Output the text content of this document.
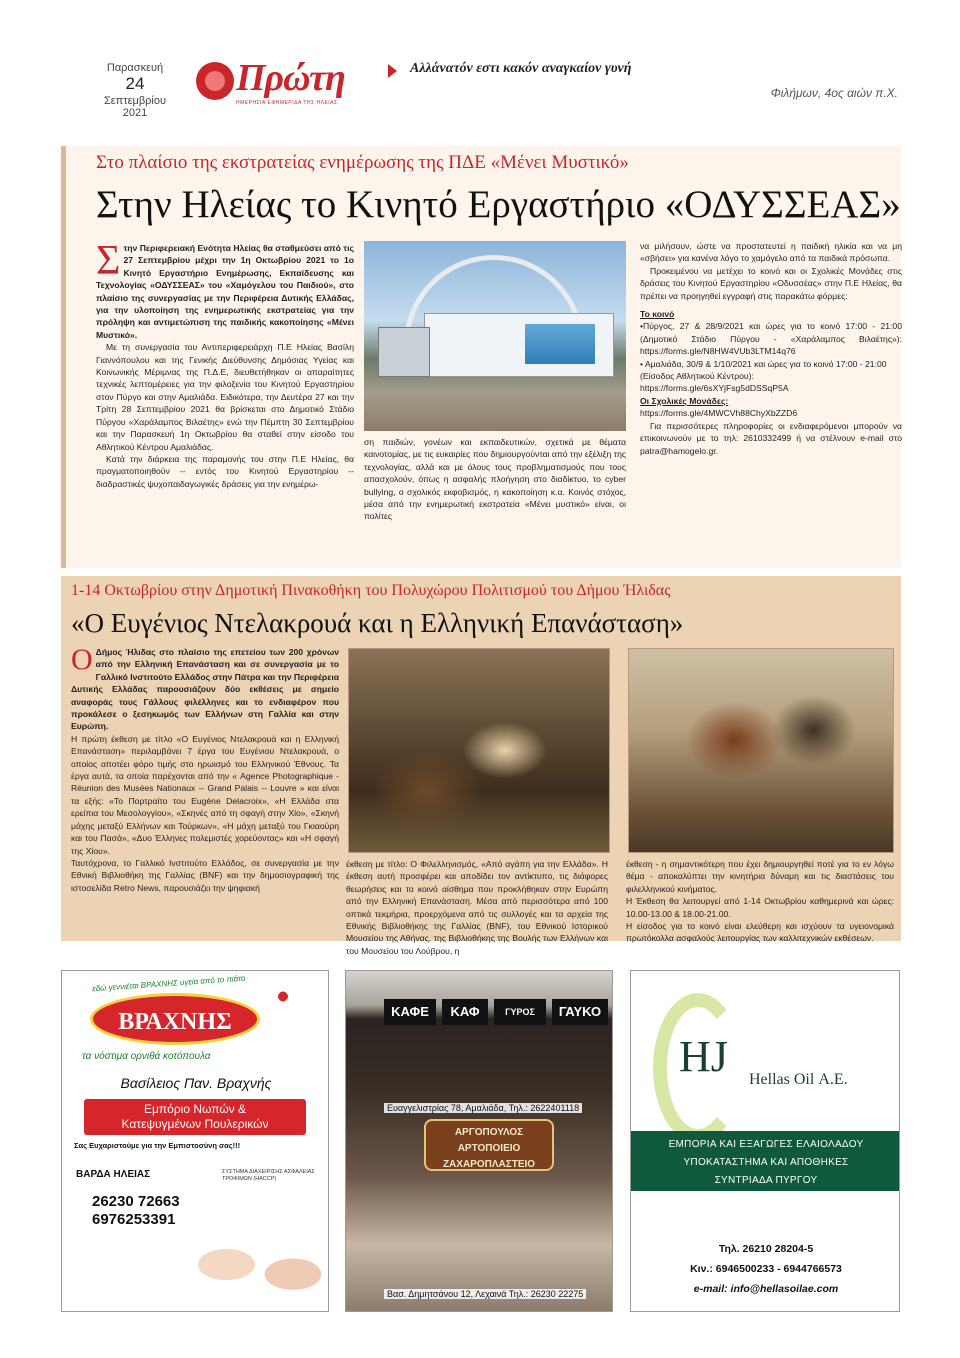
Παρασκευή
24
Σεπτεμβρίου
2021
Πρώτη
ΗΜΕΡΗΣΙΑ ΕΦΗΜΕΡΙΔΑ ΤΗΣ ΗΛΕΙΑΣ
Αλλάνατόν εστι κακόν αναγκαίον γυνή
Φιλήμων, 4ος αιών π.Χ.
Στο πλαίσιο της εκστρατείας ενημέρωσης της ΠΔΕ «Μένει Μυστικό»
Στην Ηλείας το Κινητό Εργαστήριο «ΟΔΥΣΣΕΑΣ»

Στην Περιφερειακή Ενότητα Ηλείας θα σταθμεύσει από τις 27 Σεπτεμβρίου μέχρι την 1η Οκτωβρίου 2021 το 1ο Κινητό Εργαστήριο Ενημέρωσης, Εκπαίδευσης και Τεχνολογίας «ΟΔΥΣΣΕΑΣ» του «Χαμόγελου του Παιδιού», στο πλαίσιο της συνεργασίας με την Περιφέρεια Δυτικής Ελλάδας, για την υλοποίηση της ενημερωτικής εκστρατείας για την πρόληψη και αντιμετώπιση της παιδικής κακοποίησης «Μένει Μυστικό».

Με τη συνεργασία του Αντιπεριφερειάρχη Π.Ε Ηλείας Βασίλη Γιαννόπουλου και της Γενικής Διεύθυνσης Δημόσιας Υγείας και Κοινωνικής Μέριμνας της Π.Δ.Ε, διευθετήθηκαν οι απαραίτητες τεχνικές λεπτομέρειες για την φιλοξενία του Κινητού Εργαστηρίου στον Πύργο και στην Αμαλιάδα. Ειδικότερα, την Δευτέρα 27 και την Τρίτη 28 Σεπτεμβρίου 2021 θα βρίσκεται στο Δημοτικό Στάδιο Πύργου «Χαράλαμπος Βιλαέτης» ενώ την Πέμπτη 30 Σεπτεμβρίου και την Παρασκευή 1η Οκτωβρίου θα σταθεί στην είσοδο του Αθλητικού Κέντρου Αμαλιάδας.

Κατά την διάρκεια της παραμονής του στην Π.Ε Ηλείας, θα πραγματοποιηθούν -- εντός του Κινητού Εργαστηρίου -- διαδραστικές ψυχοπαιδαγωγικές δράσεις για την ενημέρω-

ση παιδιών, γονέων και εκπαιδευτικών, σχετικά με θέματα καινοτομίας, με τις ευκαιρίες που δημιουργούνται από την εξέλιξη της τεχνολογίας, αλλά και με όλους τους προβληματισμούς που τους απασχολούν, όπως η ασφαλής πλοήγηση στο διαδίκτυο, το cyber bullying, ο σχολικός εκφοβισμός, η κακοποίηση κ.α. Κοινός στόχος, μέσα από την ενημερωτική εκστρατεία «Μένει μυστικό» είναι, οι πολίτες

να μιλήσουν, ώστε να προστατευτεί η παιδική ηλικία και να μη «σβήσει» για κανένα λόγο το χαμόγελο από τα παιδικά πρόσωπα.

Προκειμένου να μετέχει το κοινό και οι Σχολικές Μονάδες στις δράσεις του Κινητού Εργαστηρίου «Οδυσσέας» στην Π.Ε Ηλείας, θα πρέπει να προηγηθεί εγγραφή στις παρακάτω φόρμες:

Το κοινό

•Πύργος, 27 & 28/9/2021 και ώρες για το κοινό 17:00 - 21:00 (Δημοτικό Στάδιο Πύργου - «Χαράλαμπος Βιλαέτης»): https://forms.gle/N8HW4VUb3LTM14q76

• Αμαλιάδα, 30/9 & 1/10/2021 και ώρες για το κοινό 17:00 - 21:00

(Είσοδος Αθλητικού Κέντρου):

https://forms.gle/6sXYjFsg5dDSSqP5A

Οι Σχολικές Μονάδες:

https://forms.gle/4MWCVh88ChyXbZZD6

Για περισσότερες πληροφορίες οι ενδιαφερόμενοι μπορούν να επικοινωνούν με το τηλ: 2610332499 ή να στέλνουν e-mail στο patra@hamogelo.gr.

1-14 Οκτωβρίου στην Δημοτική Πινακοθήκη του Πολυχώρου Πολιτισμού του Δήμου Ήλιδας
«Ο Ευγένιος Ντελακρουά και η Ελληνική Επανάσταση»

Ο Δήμος Ήλιδας στο πλαίσιο της επετείου των 200 χρόνων από την Ελληνική Επανάσταση και σε συνεργασία με το Γαλλικό Ινστιτούτο Ελλάδος στην Πάτρα και την Περιφέρεια Δυτικής Ελλάδας παρουσιάζουν δύο εκθέσεις με σημείο αναφοράς τους Γάλλους φιλέλληνες και το ενδιαφέρον που προκάλεσε ο ξεσηκωμός των Ελλήνων στη Γαλλία και στην Ευρώπη.

Η πρώτη έκθεση με τίτλο «Ο Ευγένιος Ντελακρουά και η Ελληνική Επανάσταση» περιλαμβάνει 7 έργα του Ευγένιου Ντελακρουά, ο οποίος αποτέει φόρο τιμής στο ηρωισμό του Ελληνικού Έθνους. Τα έργα αυτά, τα οποία παρέχονται από την « Agence Photographique - Réunion des Musées Nationaux -- Grand Palais -- Louvre » και είναι τα εξής: «Το Πορτραίτο του Eugène Delacroix», «Η Ελλάδα στα ερείπια του Μεσολογγίου», «Σκηνές από τη σφαγή στην Χίο», «Σκηνή μάχης μεταξύ Ελλήνων και Τούρκων», «Η μάχη μεταξύ του Γκιαούρη και του Πασά», «Δυο Έλληνες πολεμιστές χορεύοντας» και «Η σφαγή της Χίου».

Ταυτόχρονα, το Γαλλικό Ινστιτούτο Ελλάδος, σε συνεργασία με την Εθνική Βιβλιοθήκη της Γαλλίας (BNF) και την δημοσιογραφική της ιστοσελίδα Retro News, παρουσιάζει την ψηφιακή

έκθεση με τίτλο: Ο Φιλελληνισμός, «Από αγάπη για την Ελλάδα». Η έκθεση αυτή προσφέρει και αποδίδει τον αντίκτυπο, τις διάφορες θεωρήσεις και το κοινό αίσθημα που προκλήθηκαν στην Ευρώπη από την Ελληνική Επανάσταση. Μέσα από περισσότερα από 100 οπτικά τεκμήρια, προερχόμενα από τις συλλογές και τα αρχεία της Εθνικής Βιβλιοθήκης της Γαλλίας (BNF), του Εθνικού Ιστορικού Μουσείου της Αθήνας, της Βιβλιοθήκης της Βουλής των Ελλήνων και του Μουσείου του Λούβρου, η

έκθεση - η σημαντικότερη που έχει δημιουργηθεί ποτέ για το εν λόγω θέμα - αποκαλύπτει την κινητήρια δύναμη και τις διαστάσεις του φιλελληνικού κινήματος.

Η Έκθεση θα λειτουργεί από 1-14 Οκτωβρίου καθημερινά και ώρες: 10.00-13.00 & 18.00-21.00.

Η είσοδος για το κοινό είναι ελεύθερη και ισχύουν τα υγειονομικά πρωτόκολλα ασφαλούς λειτουργίας των καλλιτεχνικών εκθέσεων.

εδώ γεννιέται ΒΡΑΧΝΗΣ υγεία από το πιάτο
ΒΡΑΧΝΗΣ
τα νόστιμα ορνιθά κοτόπουλα
Βασίλειος Παν. Βραχνής
Εμπόριο Νωπών &
Κατεψυγμένων Πουλερικών
Σας Ευχαριστούμε για την Εμπιστοσύνη σας!!!
ΒΑΡΔΑ ΗΛΕΙΑΣ	ΣΥΣΤΗΜΑ ΔΙΑΧΕΙΡΙΣΗΣ ΑΣΦΑΛΕΙΑΣ ΤΡΟΦΙΜΩΝ (HACCP)
26230 72663
6976253391
ΚΑΦΕ	ΚΑΦ	ΓΥΡΟΣ	ΓΑΥΚΟ
Ευαγγελιστρίας 78, Αμαλιάδα, Τηλ.: 2622401118
ΑΡΓΟΠΟΥΛΟΣ
ΑΡΤΟΠΟΙΕΙΟ
ΖΑΧΑΡΟΠΛΑΣΤΕΙΟ
Βασ. Δημητσάνου 12, Λεχαινά Τηλ.: 26230 22275
HJ Hellas Oil Α.Ε.
ΕΜΠΟΡΙΑ ΚΑΙ ΕΞΑΓΩΓΕΣ ΕΛΑΙΟΛΑΔΟΥ
ΥΠΟΚΑΤΑΣΤΗΜΑ ΚΑΙ ΑΠΟΘΗΚΕΣ
ΣΥΝΤΡΙΑΔΑ ΠΥΡΓΟΥ
Τηλ. 26210 28204-5
Κιν.: 6946500233 - 6944766573
e-mail: info@hellasoilae.com
